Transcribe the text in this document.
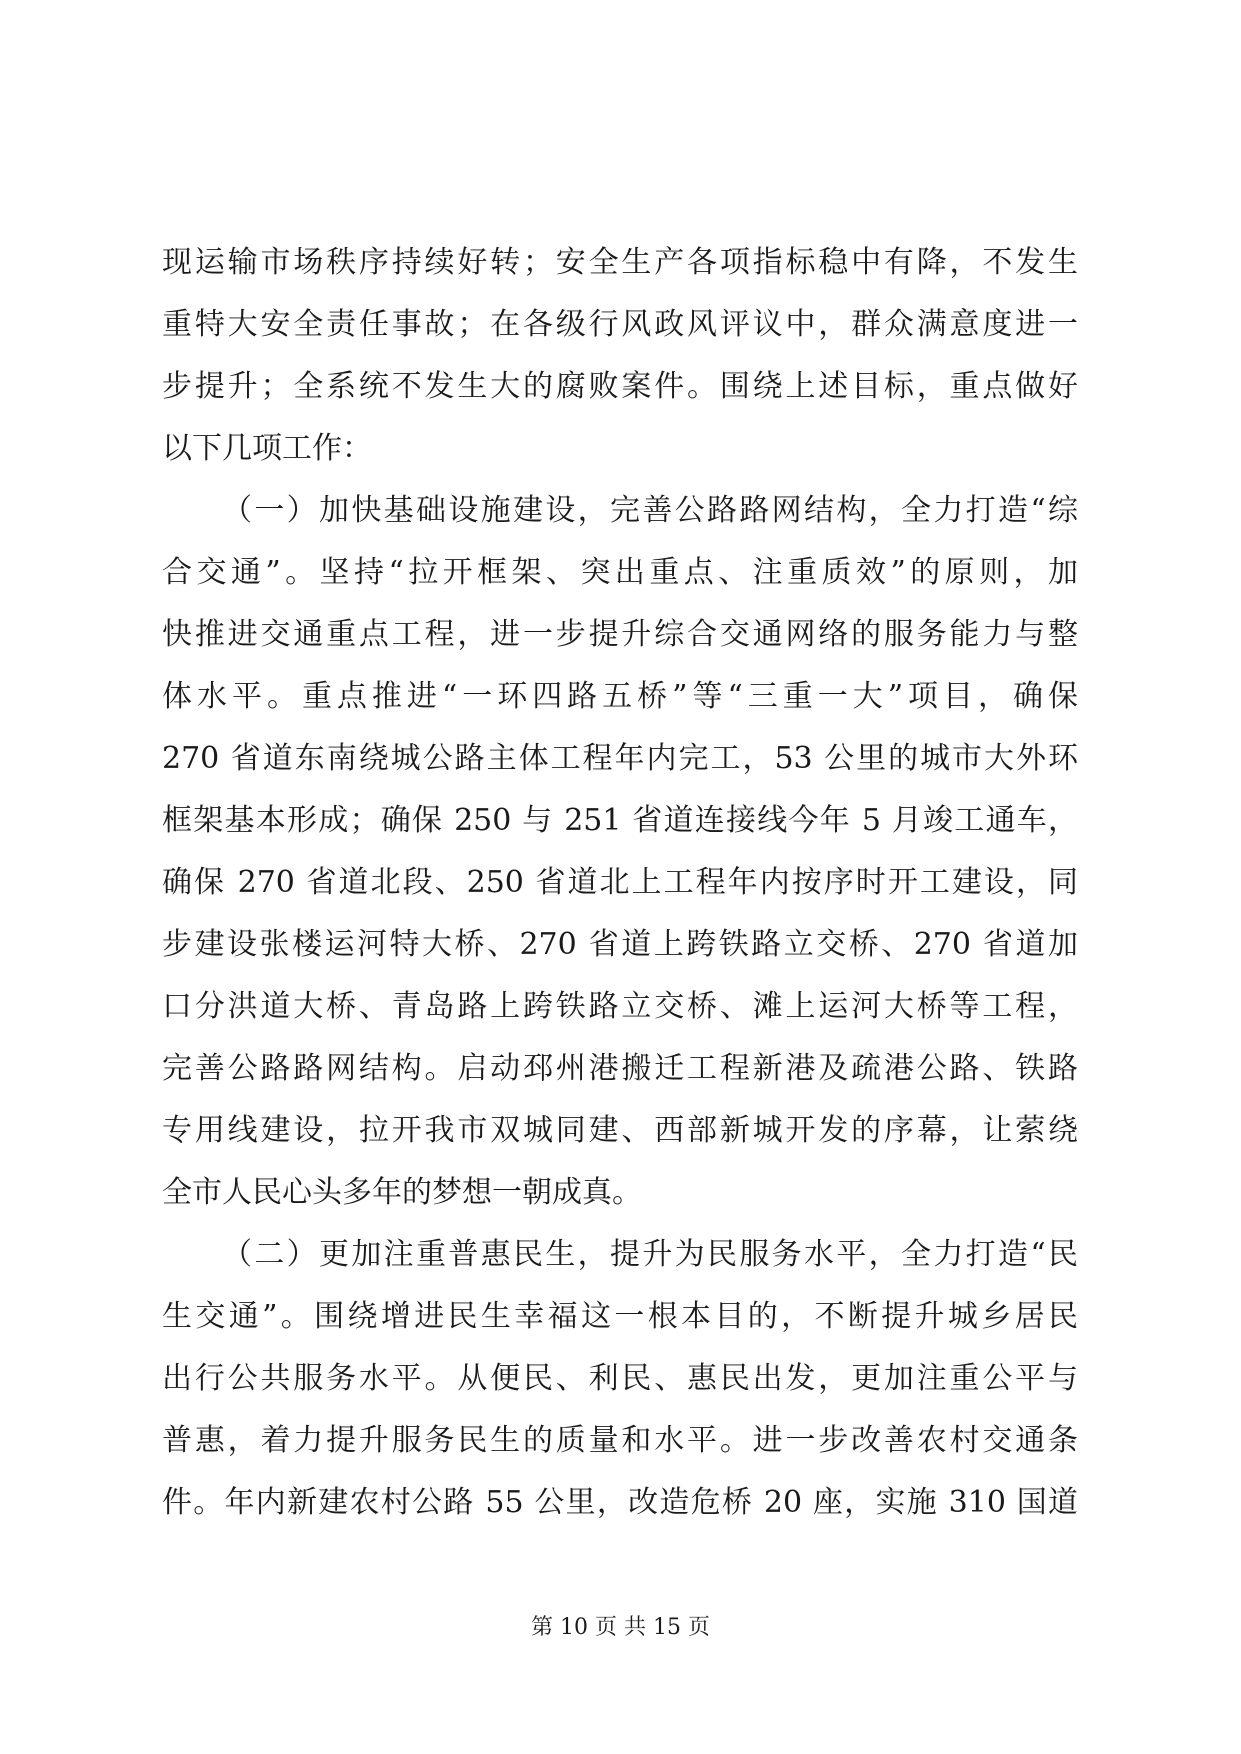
现运输市场秩序持续好转；安全生产各项指标稳中有降，不发生
重特大安全责任事故；在各级行风政风评议中，群众满意度进一
步提升；全系统不发生大的腐败案件。围绕上述目标，重点做好
以下几项工作：
（一）加快基础设施建设，完善公路路网结构，全力打造“综
合交通”。坚持“拉开框架、突出重点、注重质效”的原则，加
快推进交通重点工程，进一步提升综合交通网络的服务能力与整
体水平。重点推进“一环四路五桥”等“三重一大”项目，确保
270 省道东南绕城公路主体工程年内完工，53 公里的城市大外环
框架基本形成；确保 250 与 251 省道连接线今年 5 月竣工通车，
确保 270 省道北段、250 省道北上工程年内按序时开工建设，同
步建设张楼运河特大桥、270 省道上跨铁路立交桥、270 省道加
口分洪道大桥、青岛路上跨铁路立交桥、滩上运河大桥等工程，
完善公路路网结构。启动邳州港搬迁工程新港及疏港公路、铁路
专用线建设，拉开我市双城同建、西部新城开发的序幕，让萦绕
全市人民心头多年的梦想一朝成真。
（二）更加注重普惠民生，提升为民服务水平，全力打造“民
生交通”。围绕增进民生幸福这一根本目的，不断提升城乡居民
出行公共服务水平。从便民、利民、惠民出发，更加注重公平与
普惠，着力提升服务民生的质量和水平。进一步改善农村交通条
件。年内新建农村公路 55 公里，改造危桥 20 座，实施 310 国道
第 10 页 共 15 页
